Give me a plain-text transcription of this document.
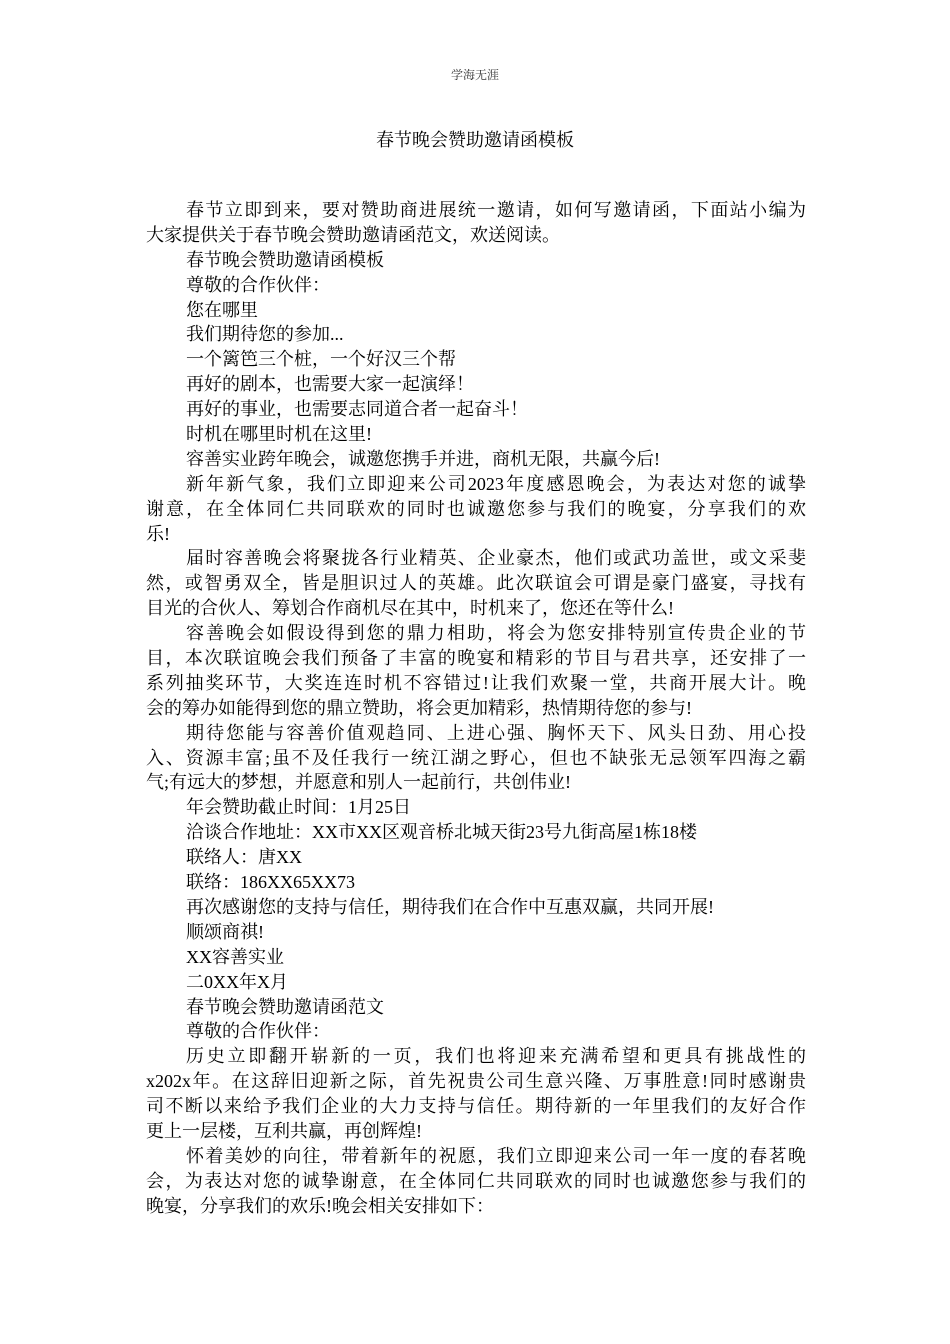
学海无涯
春节晚会赞助邀请函模板
春节立即到来，要对赞助商进展统一邀请，如何写邀请函，下面站小编为
大家提供关于春节晚会赞助邀请函范文，欢送阅读。
春节晚会赞助邀请函模板
尊敬的合作伙伴：
您在哪里
我们期待您的参加...
一个篱笆三个桩，一个好汉三个帮
再好的剧本，也需要大家一起演绎！
再好的事业，也需要志同道合者一起奋斗！
时机在哪里时机在这里!
容善实业跨年晚会，诚邀您携手并进，商机无限，共赢今后!
新年新气象，我们立即迎来公司2023年度感恩晚会，为表达对您的诚挚
谢意，在全体同仁共同联欢的同时也诚邀您参与我们的晚宴，分享我们的欢
乐!
届时容善晚会将聚拢各行业精英、企业豪杰，他们或武功盖世，或文采斐
然，或智勇双全，皆是胆识过人的英雄。此次联谊会可谓是豪门盛宴，寻找有
目光的合伙人、筹划合作商机尽在其中，时机来了，您还在等什么!
容善晚会如假设得到您的鼎力相助，将会为您安排特别宣传贵企业的节
目，本次联谊晚会我们预备了丰富的晚宴和精彩的节目与君共享，还安排了一
系列抽奖环节，大奖连连时机不容错过!让我们欢聚一堂，共商开展大计。晚
会的筹办如能得到您的鼎立赞助，将会更加精彩，热情期待您的参与!
期待您能与容善价值观趋同、上进心强、胸怀天下、风头日劲、用心投
入、资源丰富;虽不及任我行一统江湖之野心，但也不缺张无忌领军四海之霸
气;有远大的梦想，并愿意和别人一起前行，共创伟业!
年会赞助截止时间：1月25日
洽谈合作地址：XX市XX区观音桥北城天街23号九街高屋1栋18楼
联络人：唐XX
联络：186XX65XX73
再次感谢您的支持与信任，期待我们在合作中互惠双赢，共同开展!
顺颂商祺!
XX容善实业
二0XX年X月
春节晚会赞助邀请函范文
尊敬的合作伙伴：
历史立即翻开崭新的一页，我们也将迎来充满希望和更具有挑战性的
x202x年。在这辞旧迎新之际，首先祝贵公司生意兴隆、万事胜意!同时感谢贵
司不断以来给予我们企业的大力支持与信任。期待新的一年里我们的友好合作
更上一层楼，互利共赢，再创辉煌!
怀着美妙的向往，带着新年的祝愿，我们立即迎来公司一年一度的春茗晚
会，为表达对您的诚挚谢意，在全体同仁共同联欢的同时也诚邀您参与我们的
晚宴，分享我们的欢乐!晚会相关安排如下：
